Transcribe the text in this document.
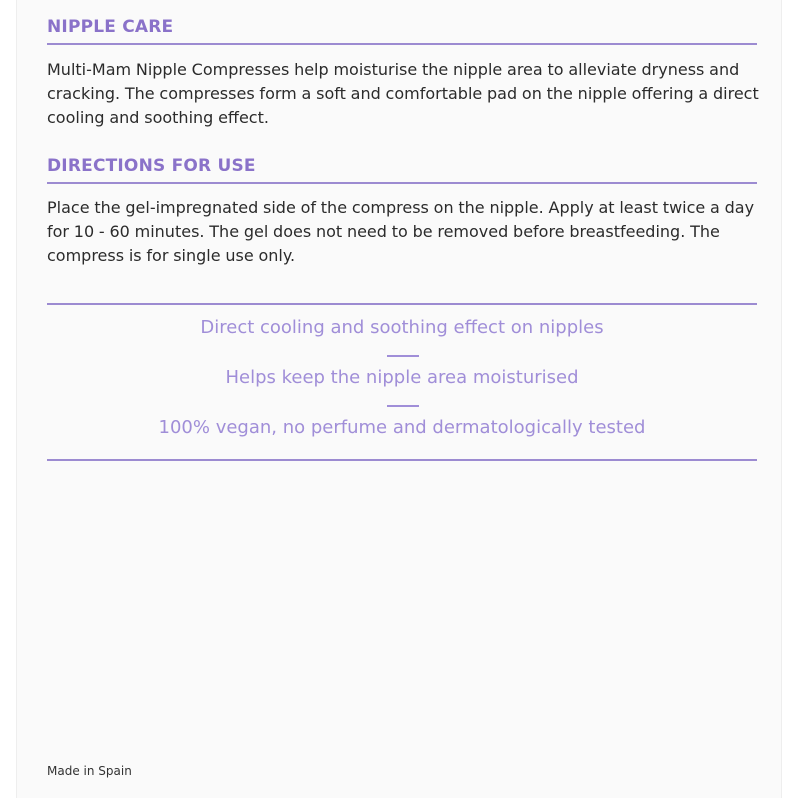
NIPPLE CARE
Multi-Mam Nipple Compresses help moisturise the nipple area to alleviate dryness and cracking. The compresses form a soft and comfortable pad on the nipple offering a direct cooling and soothing effect.
DIRECTIONS FOR USE
Place the gel-impregnated side of the compress on the nipple. Apply at least twice a day for 10 - 60 minutes. The gel does not need to be removed before breastfeeding. The compress is for single use only.
Direct cooling and soothing effect on nipples
Helps keep the nipple area moisturised
100% vegan, no perfume and dermatologically tested
Made in Spain
